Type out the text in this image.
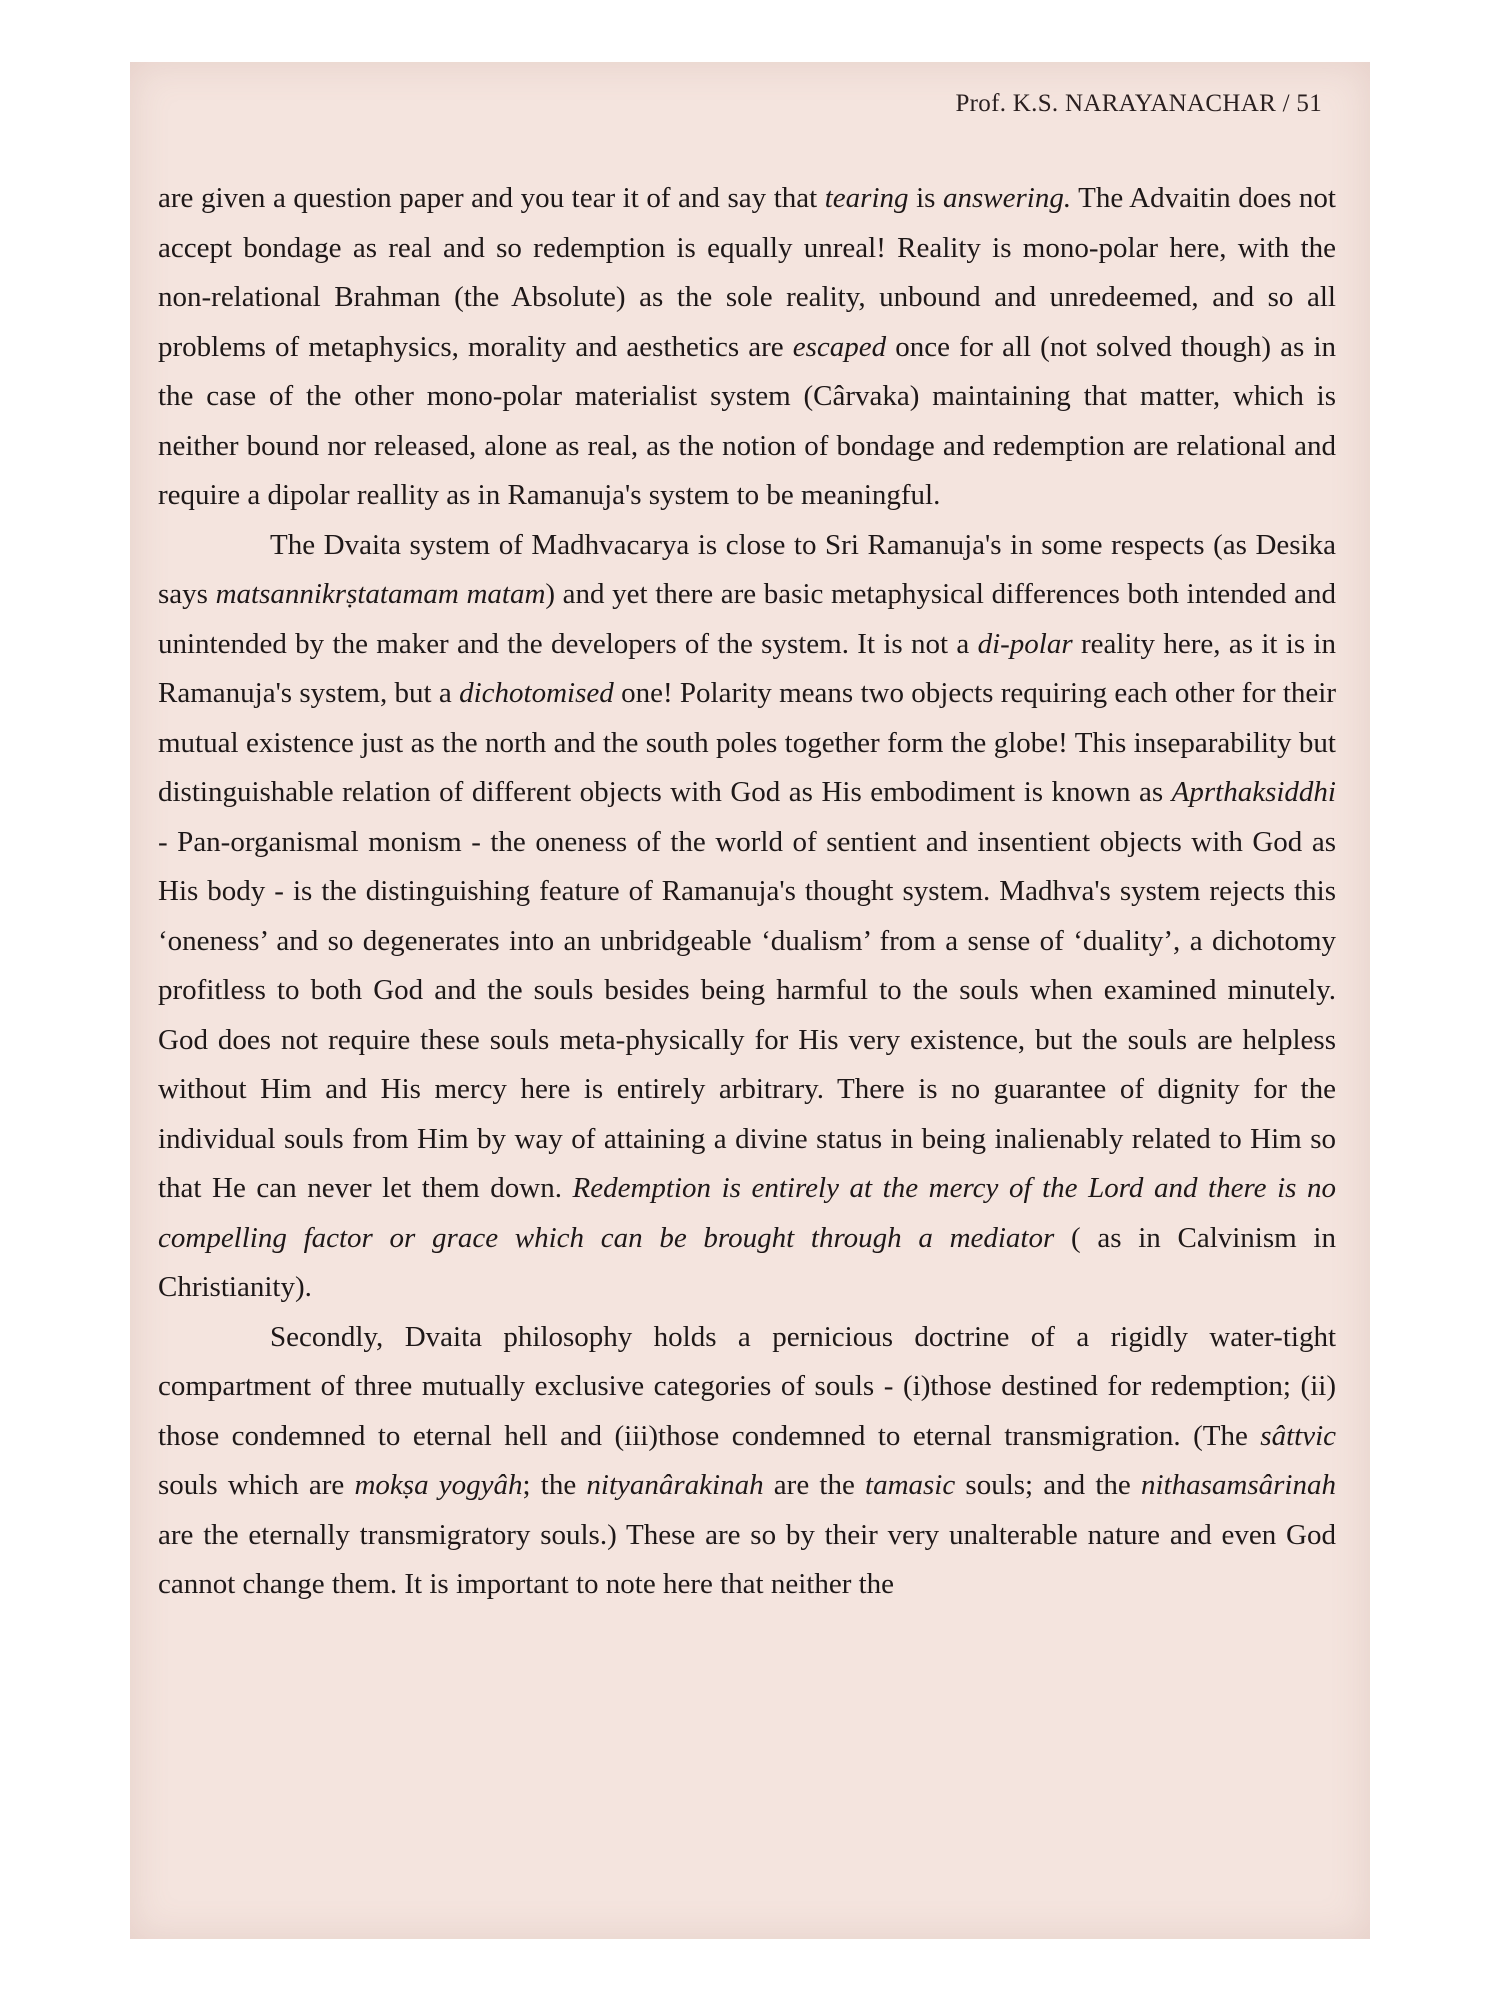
Prof. K.S. NARAYANACHAR / 51

are given a question paper and you tear it of and say that tearing is answering. The Advaitin does not accept bondage as real and so redemption is equally unreal! Reality is mono-polar here, with the non-relational Brahman (the Absolute) as the sole reality, unbound and unredeemed, and so all problems of metaphysics, morality and aesthetics are escaped once for all (not solved though) as in the case of the other mono-polar materialist system (Cârvaka) maintaining that matter, which is neither bound nor released, alone as real, as the notion of bondage and redemption are relational and require a dipolar reallity as in Ramanuja's system to be meaningful.

The Dvaita system of Madhvacarya is close to Sri Ramanuja's in some respects (as Desika says matsannikrṣtatamam matam) and yet there are basic metaphysical differences both intended and unintended by the maker and the developers of the system. It is not a di-polar reality here, as it is in Ramanuja's system, but a dichotomised one! Polarity means two objects requiring each other for their mutual existence just as the north and the south poles together form the globe! This inseparability but distinguishable relation of different objects with God as His embodiment is known as Aprthaksiddhi - Pan-organismal monism - the oneness of the world of sentient and insentient objects with God as His body - is the distinguishing feature of Ramanuja's thought system. Madhva's system rejects this ‘oneness’ and so degenerates into an unbridgeable ‘dualism’ from a sense of ‘duality’, a dichotomy profitless to both God and the souls besides being harmful to the souls when examined minutely. God does not require these souls meta-physically for His very existence, but the souls are helpless without Him and His mercy here is entirely arbitrary. There is no guarantee of dignity for the individual souls from Him by way of attaining a divine status in being inalienably related to Him so that He can never let them down. Redemption is entirely at the mercy of the Lord and there is no compelling factor or grace which can be brought through a mediator ( as in Calvinism in Christianity).

Secondly, Dvaita philosophy holds a pernicious doctrine of a rigidly water-tight compartment of three mutually exclusive categories of souls - (i)those destined for redemption; (ii) those condemned to eternal hell and (iii)those condemned to eternal transmigration. (The sâttvic souls which are mokṣa yogyâh; the nityanârakinah are the tamasic souls; and the nithasamsârinah are the eternally transmigratory souls.) These are so by their very unalterable nature and even God cannot change them. It is important to note here that neither the
